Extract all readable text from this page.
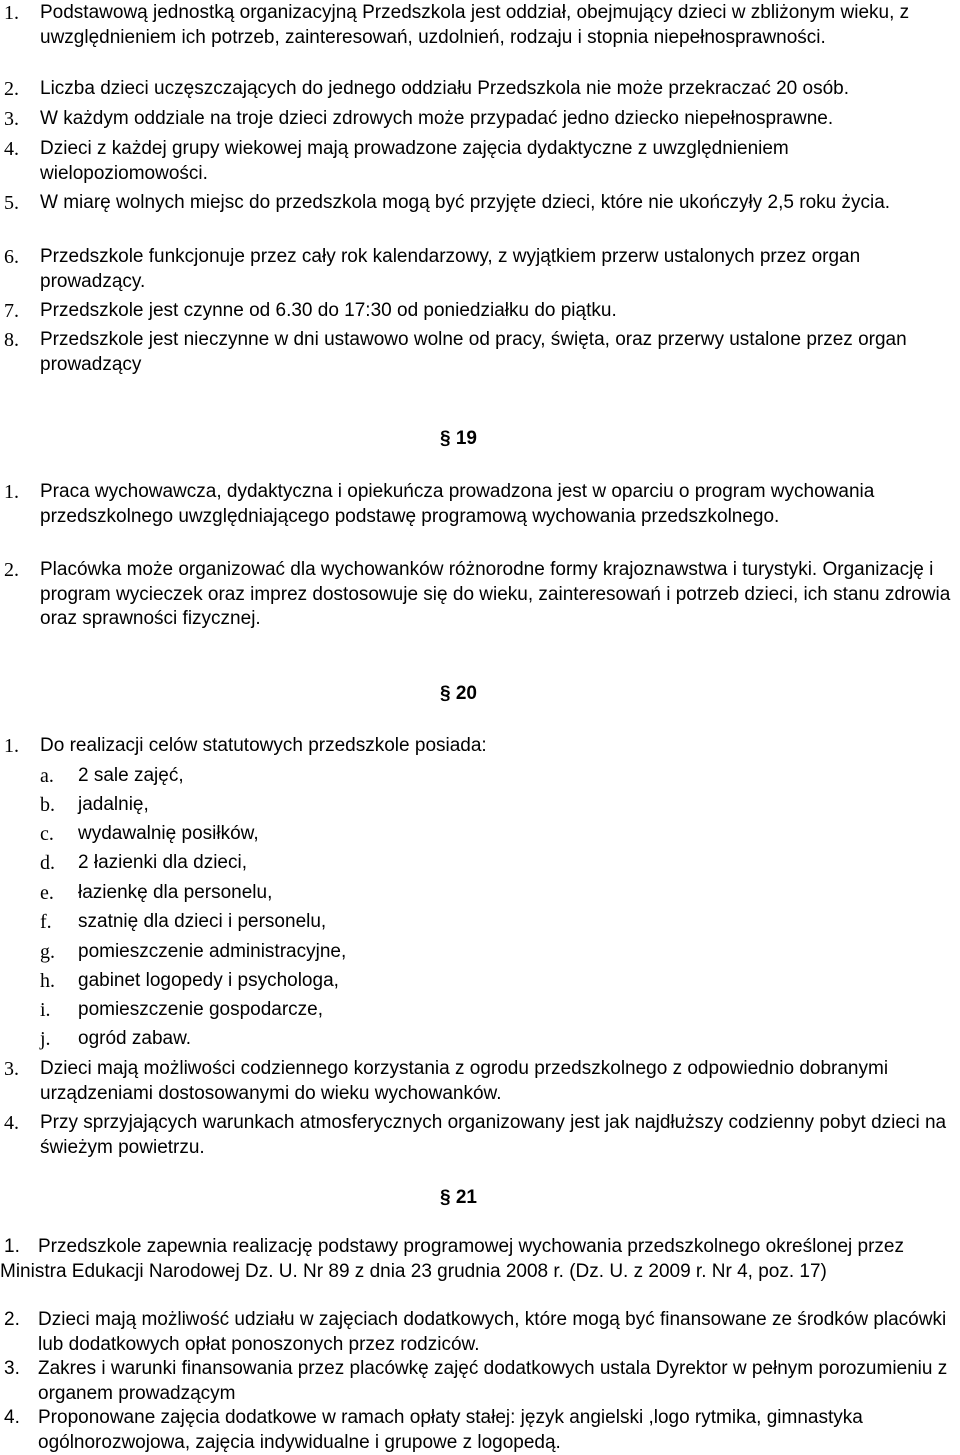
1. Podstawową jednostką organizacyjną Przedszkola jest oddział, obejmujący dzieci w zbliżonym wieku, z uwzględnieniem ich potrzeb, zainteresowań, uzdolnień, rodzaju i stopnia niepełnosprawności.
2. Liczba dzieci uczęszczających do jednego oddziału Przedszkola nie może przekraczać 20 osób.
3. W każdym oddziale na troje dzieci zdrowych może przypadać jedno dziecko niepełnosprawne.
4. Dzieci z każdej grupy wiekowej mają prowadzone zajęcia dydaktyczne z uwzględnieniem wielopoziomowości.
5. W miarę wolnych miejsc do przedszkola mogą być przyjęte dzieci, które nie ukończyły 2,5 roku życia.
6. Przedszkole funkcjonuje przez cały rok kalendarzowy, z wyjątkiem przerw ustalonych przez organ prowadzący.
7. Przedszkole jest czynne od 6.30 do 17:30 od poniedziałku do piątku.
8. Przedszkole jest nieczynne w dni ustawowo wolne od pracy, święta, oraz przerwy ustalone przez organ prowadzący
§ 19
1. Praca wychowawcza, dydaktyczna i opiekuńcza prowadzona jest w oparciu o program wychowania przedszkolnego uwzględniającego podstawę programową wychowania przedszkolnego.
2. Placówka może organizować dla wychowanków różnorodne formy krajoznawstwa i turystyki. Organizację i program wycieczek oraz imprez dostosowuje się do wieku, zainteresowań i potrzeb dzieci, ich stanu zdrowia oraz sprawności fizycznej.
§ 20
1. Do realizacji celów statutowych przedszkole posiada:
a. 2 sale zajęć,
b. jadalnię,
c. wydawalnię posiłków,
d. 2 łazienki dla dzieci,
e. łazienkę dla personelu,
f. szatnię dla dzieci i personelu,
g. pomieszczenie administracyjne,
h. gabinet logopedy i psychologa,
i. pomieszczenie gospodarcze,
j. ogród zabaw.
3. Dzieci mają możliwości codziennego korzystania z ogrodu przedszkolnego z odpowiednio dobranymi urządzeniami dostosowanymi do wieku wychowanków.
4. Przy sprzyjających warunkach atmosferycznych organizowany jest jak najdłuższy codzienny pobyt dzieci na świeżym powietrzu.
§ 21
1. Przedszkole zapewnia realizację podstawy programowej wychowania przedszkolnego określonej przez Ministra Edukacji Narodowej Dz. U. Nr 89 z dnia 23 grudnia 2008 r. (Dz. U. z 2009 r. Nr 4, poz. 17)
2. Dzieci mają możliwość udziału w zajęciach dodatkowych, które mogą być finansowane ze środków placówki lub dodatkowych opłat ponoszonych przez rodziców.
3. Zakres i warunki finansowania przez placówkę zajęć dodatkowych ustala Dyrektor w pełnym porozumieniu z organem prowadzącym
4. Proponowane zajęcia dodatkowe w ramach opłaty stałej: język angielski ,logo rytmika, gimnastyka ogólnorozwojowa, zajęcia indywidualne i grupowe z logopedą.
